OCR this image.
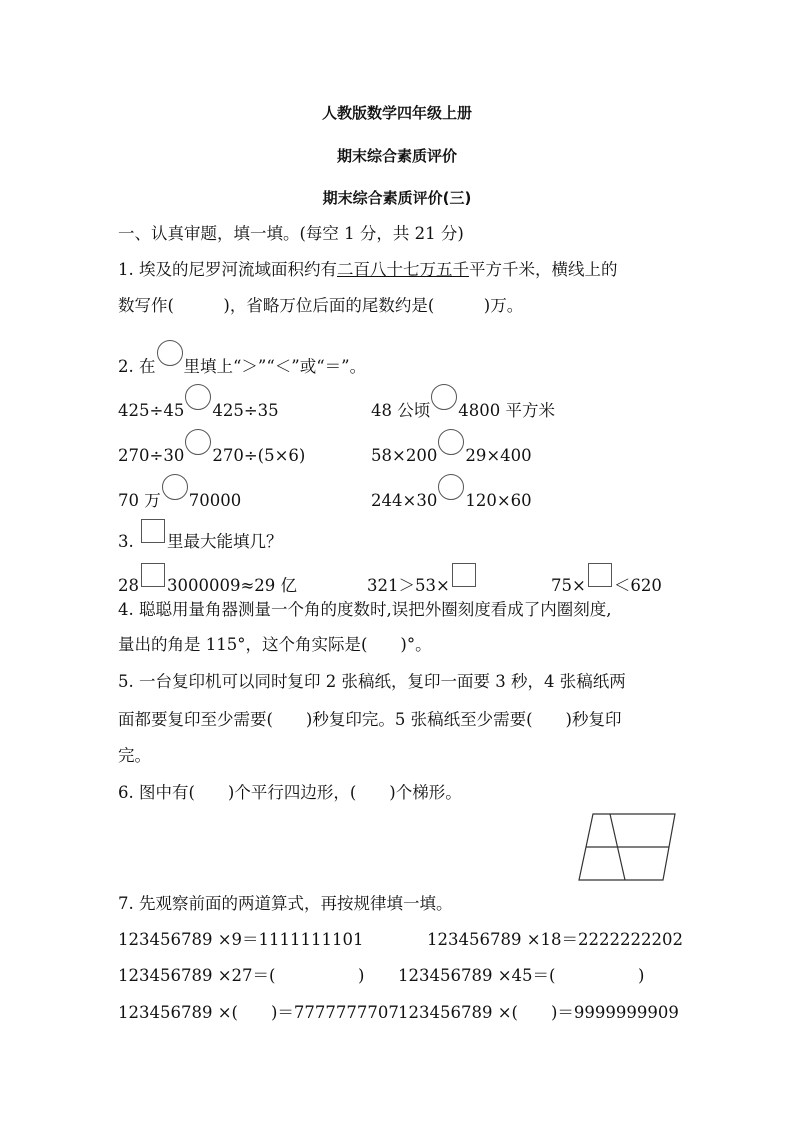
人教版数学四年级上册
期末综合素质评价
期末综合素质评价(三)
一、认真审题，填一填。(每空 1 分，共 21 分)
1. 埃及的尼罗河流域面积约有二百八十七万五千平方千米，横线上的
数写作(　　　)，省略万位后面的尾数约是(　　　)万。
2. 在 里填上“＞”“＜”或“＝”。
425÷45 425÷35	48 公顷 4800 平方米
270÷30 270÷(5×6)	58×200 29×400
70 万 70000	244×30 120×60
3. 里最大能填几？
28 3000009≈29 亿	321＞53×	75× ＜620
4. 聪聪用量角器测量一个角的度数时,误把外圈刻度看成了内圈刻度,
量出的角是 115°，这个角实际是(　　)°。
5. 一台复印机可以同时复印 2 张稿纸，复印一面要 3 秒，4 张稿纸两
面都要复印至少需要(　　)秒复印完。5 张稿纸至少需要(　　)秒复印
完。
6. 图中有(　　)个平行四边形，(　　)个梯形。
7. 先观察前面的两道算式，再按规律填一填。
123456789 ×9＝1111111101	123456789 ×18＝2222222202
123456789 ×27＝(　　　　　) 123456789 ×45＝(　　　　　)
123456789 ×(　　)＝7777777707 123456789 ×(　　)＝9999999909
